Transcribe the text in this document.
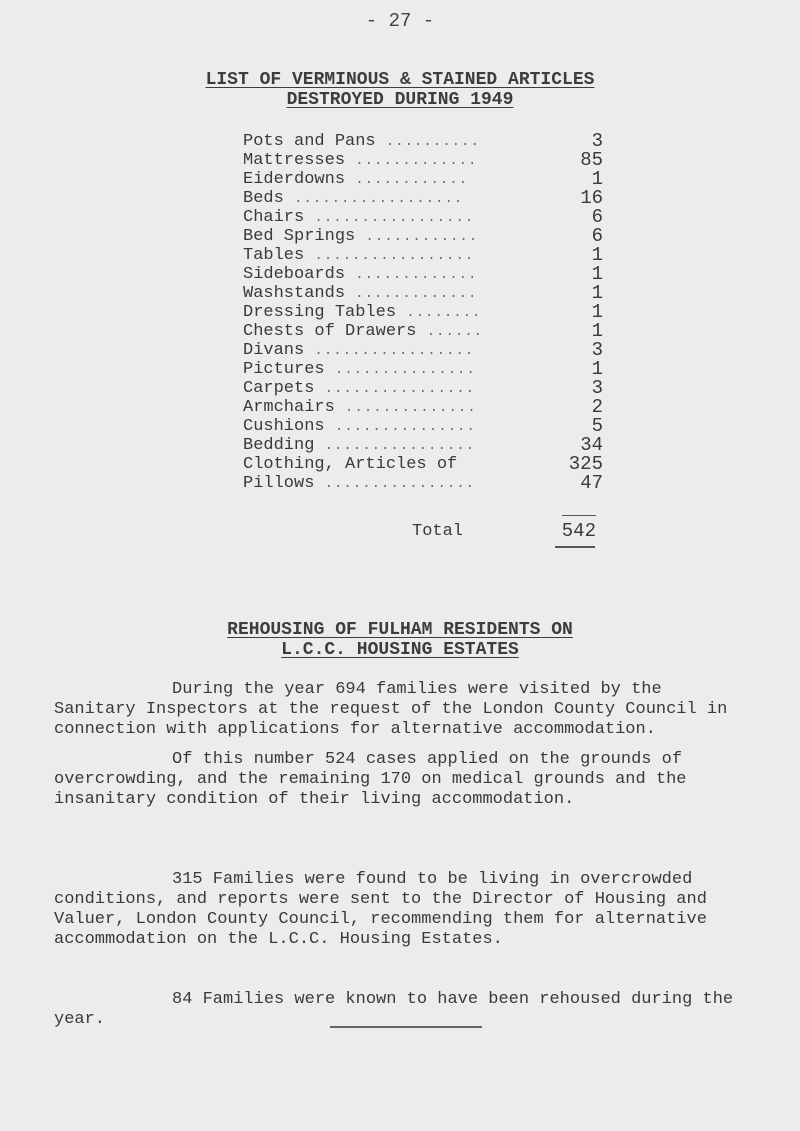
- 27 -
LIST OF VERMINOUS & STAINED ARTICLES
DESTROYED DURING 1949
Pots and Pans ..........	3
Mattresses .............	85
Eiderdowns ............	1
Beds ..................	16
Chairs .................	6
Bed Springs ............	6
Tables .................	1
Sideboards .............	1
Washstands .............	1
Dressing Tables ........	1
Chests of Drawers ......	1
Divans .................	3
Pictures ...............	1
Carpets ................	3
Armchairs ..............	2
Cushions ...............	5
Bedding ................	34
Clothing, Articles of	325
Pillows ................	47
Total	542
REHOUSING OF FULHAM RESIDENTS ON
L.C.C. HOUSING ESTATES

During the year 694 families were visited by the Sanitary Inspectors at the request of the London County Council in connection with applications for alternative accommodation.

Of this number 524 cases applied on the grounds of overcrowding, and the remaining 170 on medical grounds and the insanitary condition of their living accommodation.

315 Families were found to be living in overcrowded conditions, and reports were sent to the Director of Housing and Valuer, London County Council, recommending them for alternative accommodation on the L.C.C. Housing Estates.

84 Families were known to have been rehoused during the year.
